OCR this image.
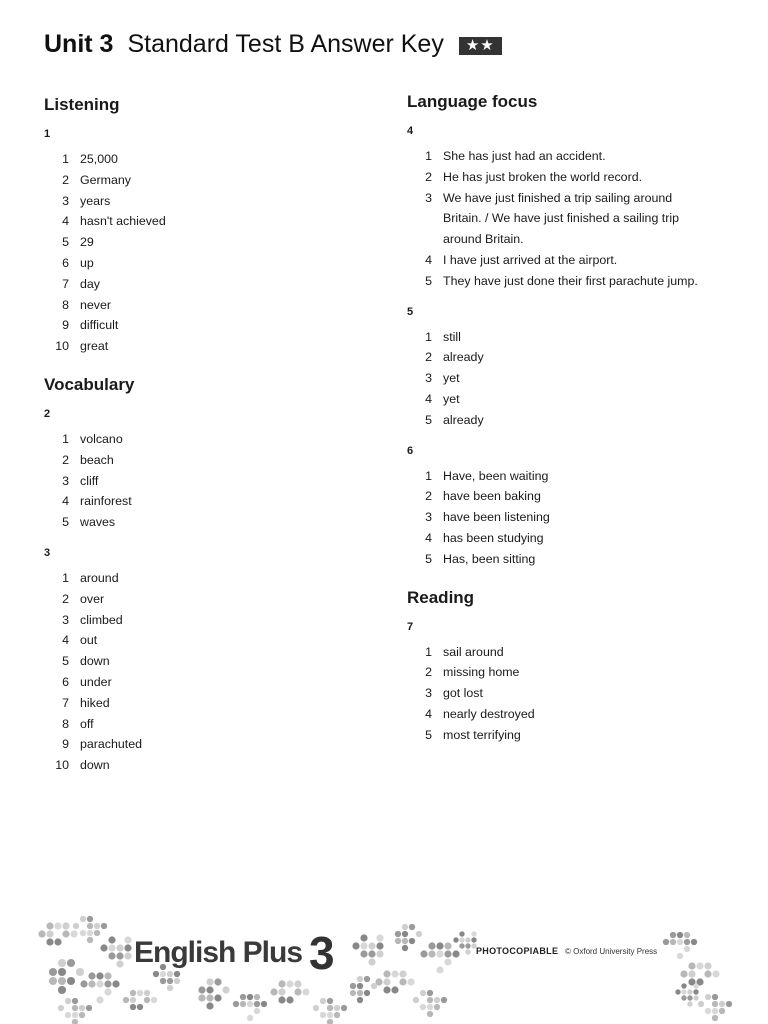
Unit 3 Standard Test B Answer Key	★★
Listening
1
1 25,000
2 Germany
3 years
4 hasn't achieved
5 29
6 up
7 day
8 never
9 difficult
10 great
Vocabulary
2
1 volcano
2 beach
3 cliff
4 rainforest
5 waves
3
1 around
2 over
3 climbed
4 out
5 down
6 under
7 hiked
8 off
9 parachuted
10 down
Language focus
4
1 She has just had an accident.
2 He has just broken the world record.
3 We have just finished a trip sailing around
Britain. / We have just finished a sailing trip
around Britain.
4 I have just arrived at the airport.
5 They have just done their first parachute jump.
5
1 still
2 already
3 yet
4 yet
5 already
6
1 Have, been waiting
2 have been baking
3 have been listening
4 has been studying
5 Has, been sitting
Reading
7
1 sail around
2 missing home
3 got lost
4 nearly destroyed
5 most terrifying
English Plus 3	PHOTOCOPIABLE © Oxford University Press
